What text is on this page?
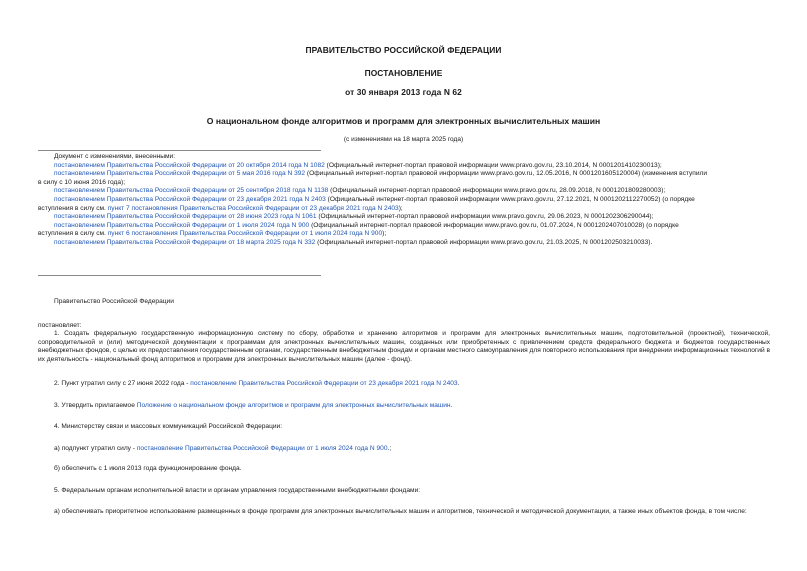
ПРАВИТЕЛЬСТВО РОССИЙСКОЙ ФЕДЕРАЦИИ
ПОСТАНОВЛЕНИЕ
от 30 января 2013 года N 62
О национальном фонде алгоритмов и программ для электронных вычислительных машин
(с изменениями на 18 марта 2025 года)
Документ с изменениями, внесенными:
постановлением Правительства Российской Федерации от 20 октября 2014 года N 1082 (Официальный интернет-портал правовой информации www.pravo.gov.ru, 23.10.2014, N 0001201410230013);
постановлением Правительства Российской Федерации от 5 мая 2016 года N 392 (Официальный интернет-портал правовой информации www.pravo.gov.ru, 12.05.2016, N 0001201605120004) (изменения вступили
в силу с 10 июня 2016 года);
постановлением Правительства Российской Федерации от 25 сентября 2018 года N 1138 (Официальный интернет-портал правовой информации www.pravo.gov.ru, 28.09.2018, N 0001201809280003);
постановлением Правительства Российской Федерации от 23 декабря 2021 года N 2403 (Официальный интернет-портал правовой информации www.pravo.gov.ru, 27.12.2021, N 0001202112270052) (о порядке
вступления в силу см. пункт 7 постановления Правительства Российской Федерации от 23 декабря 2021 года N 2403);
постановлением Правительства Российской Федерации от 28 июня 2023 года N 1061 (Официальный интернет-портал правовой информации www.pravo.gov.ru, 29.06.2023, N 0001202306290044);
постановлением Правительства Российской Федерации от 1 июля 2024 года N 900 (Официальный интернет-портал правовой информации www.pravo.gov.ru, 01.07.2024, N 0001202407010028) (о порядке
вступления в силу см. пункт 6 постановления Правительства Российской Федерации от 1 июля 2024 года N 900);
постановлением Правительства Российской Федерации от 18 марта 2025 года N 332 (Официальный интернет-портал правовой информации www.pravo.gov.ru, 21.03.2025, N 0001202503210033).
Правительство Российской Федерации
постановляет:
1. Создать федеральную государственную информационную систему по сбору, обработке и хранению алгоритмов и программ для электронных вычислительных машин, подготовительной (проектной), технической, сопроводительной и (или) методической документации к программам для электронных вычислительных машин, созданных или приобретенных с привлечением средств федерального бюджета и бюджетов государственных внебюджетных фондов, с целью их предоставления государственным органам, государственным внебюджетным фондам и органам местного самоуправления для повторного использования при внедрении информационных технологий в их деятельность - национальный фонд алгоритмов и программ для электронных вычислительных машин (далее - фонд).
2. Пункт утратил силу с 27 июня 2022 года - постановление Правительства Российской Федерации от 23 декабря 2021 года N 2403.
3. Утвердить прилагаемое Положение о национальном фонде алгоритмов и программ для электронных вычислительных машин.
4. Министерству связи и массовых коммуникаций Российской Федерации:
а) подпункт утратил силу - постановление Правительства Российской Федерации от 1 июля 2024 года N 900.;
б) обеспечить с 1 июля 2013 года функционирование фонда.
5. Федеральным органам исполнительной власти и органам управления государственными внебюджетными фондами:
а) обеспечивать приоритетное использование размещенных в фонде программ для электронных вычислительных машин и алгоритмов, технической и методической документации, а также иных объектов фонда, в том числе:
